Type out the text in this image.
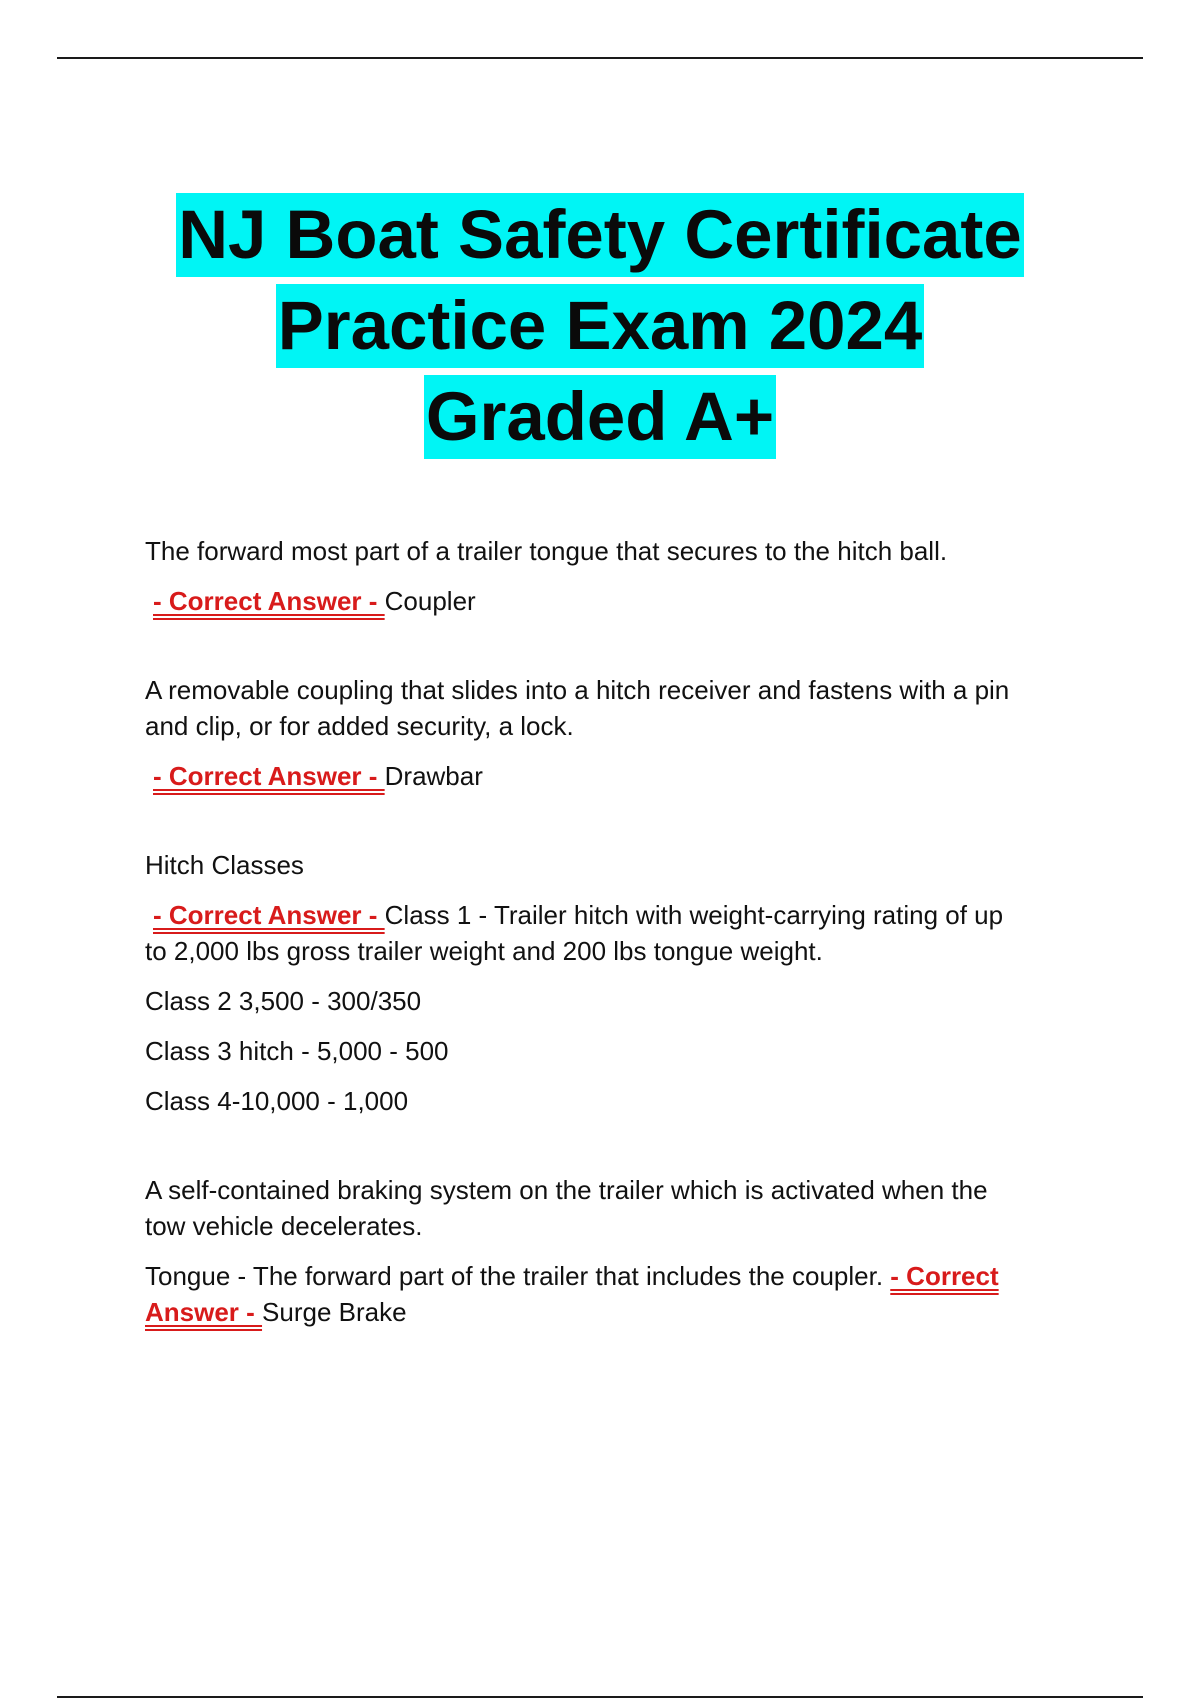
NJ Boat Safety Certificate
Practice Exam 2024
Graded A+

The forward most part of a trailer tongue that secures to the hitch ball.

- Correct Answer - Coupler

A removable coupling that slides into a hitch receiver and fastens with a pin
and clip, or for added security, a lock.

- Correct Answer - Drawbar

Hitch Classes

- Correct Answer - Class 1 - Trailer hitch with weight-carrying rating of up
to 2,000 lbs gross trailer weight and 200 lbs tongue weight.

Class 2 3,500 - 300/350

Class 3 hitch - 5,000 - 500

Class 4-10,000 - 1,000

A self-contained braking system on the trailer which is activated when the
tow vehicle decelerates.

Tongue - The forward part of the trailer that includes the coupler. - Correct
Answer - Surge Brake
